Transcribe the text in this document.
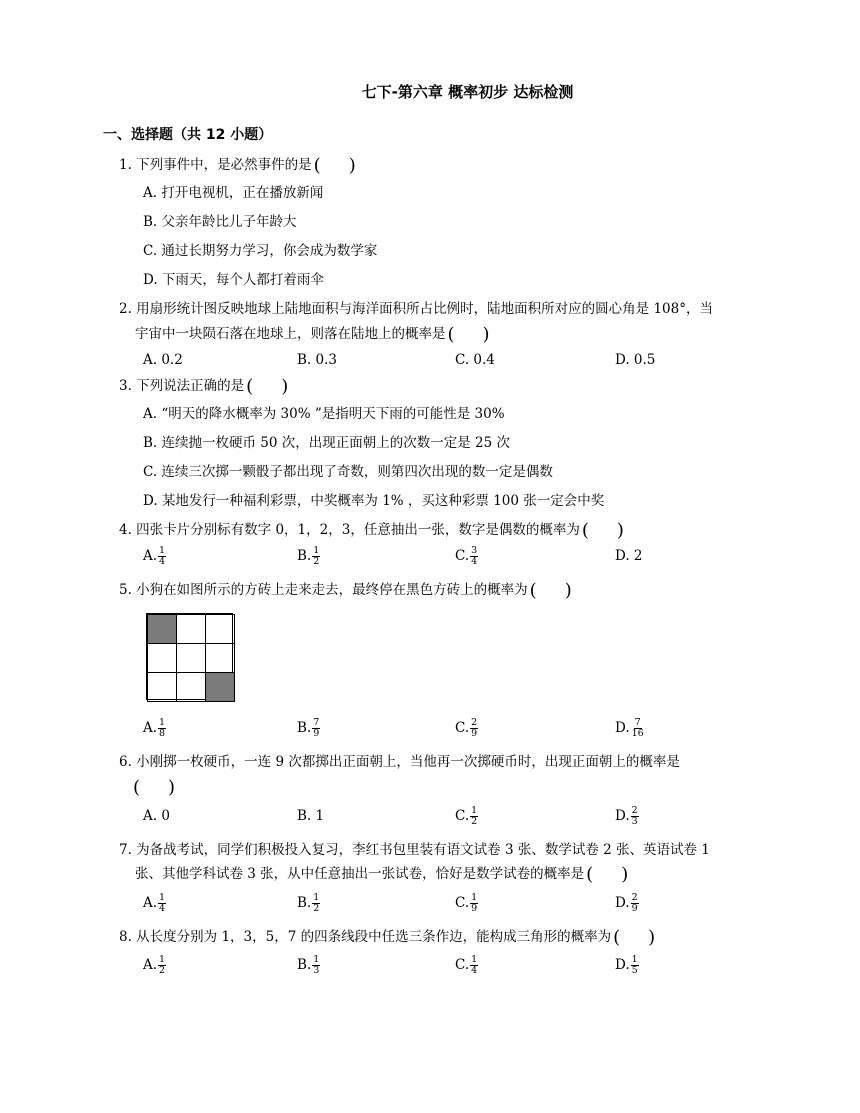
七下-第六章 概率初步 达标检测
一、选择题（共 12 小题）
1. 下列事件中，是必然事件的是 ( )
A. 打开电视机，正在播放新闻
B. 父亲年龄比儿子年龄大
C. 通过长期努力学习，你会成为数学家
D. 下雨天，每个人都打着雨伞
2. 用扇形统计图反映地球上陆地面积与海洋面积所占比例时，陆地面积所对应的圆心角是 108°，当
宇宙中一块陨石落在地球上，则落在陆地上的概率是 ( )
A. 0.2	B. 0.3	C. 0.4	D. 0.5
3. 下列说法正确的是 ( )
A. “明天的降水概率为 30% ”是指明天下雨的可能性是 30%
B. 连续抛一枚硬币 50 次，出现正面朝上的次数一定是 25 次
C. 连续三次掷一颗骰子都出现了奇数，则第四次出现的数一定是偶数
D. 某地发行一种福利彩票，中奖概率为 1% ，买这种彩票 100 张一定会中奖
4. 四张卡片分别标有数字 0，1，2，3，任意抽出一张，数字是偶数的概率为 ( )
A. $\frac{1}{4}$	B. $\frac{1}{2}$	C. $\frac{3}{4}$	D. 2
5. 小狗在如图所示的方砖上走来走去，最终停在黑色方砖上的概率为 ( )
A. $\frac{1}{8}$	B. $\frac{7}{9}$	C. $\frac{2}{9}$	D. $\frac{7}{16}$
6. 小刚掷一枚硬币，一连 9 次都掷出正面朝上，当他再一次掷硬币时，出现正面朝上的概率是
( )
A. 0	B. 1	C. $\frac{1}{2}$	D. $\frac{2}{3}$
7. 为备战考试，同学们积极投入复习，李红书包里装有语文试卷 3 张、数学试卷 2 张、英语试卷 1
张、其他学科试卷 3 张，从中任意抽出一张试卷，恰好是数学试卷的概率是 ( )
A. $\frac{1}{4}$	B. $\frac{1}{2}$	C. $\frac{1}{9}$	D. $\frac{2}{9}$
8. 从长度分别为 1，3，5，7 的四条线段中任选三条作边，能构成三角形的概率为 ( )
A. $\frac{1}{2}$	B. $\frac{1}{3}$	C. $\frac{1}{4}$	D. $\frac{1}{5}$
